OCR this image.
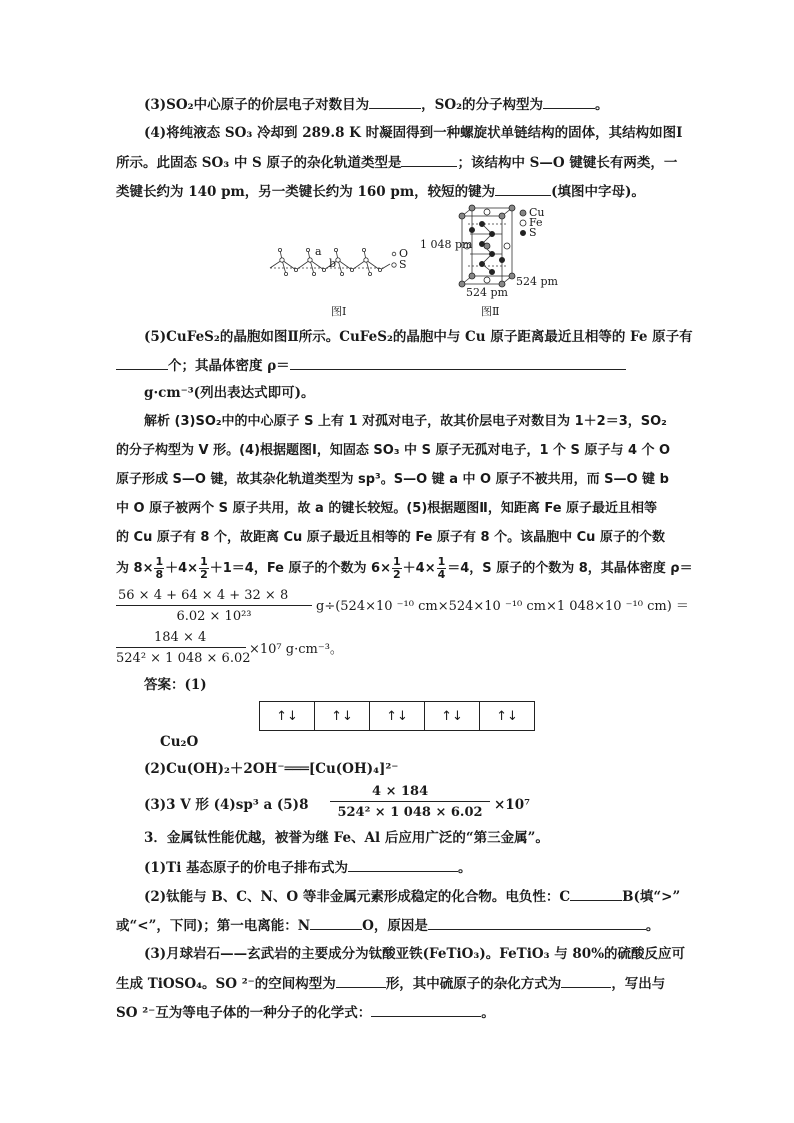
(3)SO₂中心原子的价层电子对数目为	，SO₂的分子构型为	。
(4)将纯液态 SO₃ 冷却到 289.8 K 时凝固得到一种螺旋状单链结构的固体，其结构如图Ⅰ
所示。此固态 SO₃ 中 S 原子的杂化轨道类型是	；该结构中 S—O 键键长有两类，一
类键长约为 140 pm，另一类键长约为 160 pm，较短的键为	(填图中字母)。
a
b
O
S
图Ⅰ
Cu
Fe
S
1 048 pm
524 pm
524 pm
图Ⅱ
(5)CuFeS₂的晶胞如图Ⅱ所示。CuFeS₂的晶胞中与 Cu 原子距离最近且相等的 Fe 原子有
个；其晶体密度 ρ＝
g·cm⁻³(列出表达式即可)。
解析 (3)SO₂中的中心原子 S 上有 1 对孤对电子，故其价层电子对数目为 1＋2＝3，SO₂
的分子构型为 V 形。(4)根据题图Ⅰ，知固态 SO₃ 中 S 原子无孤对电子，1 个 S 原子与 4 个 O
原子形成 S—O 键，故其杂化轨道类型为 sp³。S—O 键 a 中 O 原子不被共用，而 S—O 键 b
中 O 原子被两个 S 原子共用，故 a 的键长较短。(5)根据题图Ⅱ，知距离 Fe 原子最近且相等
的 Cu 原子有 8 个，故距离 Cu 原子最近且相等的 Fe 原子有 8 个。该晶胞中 Cu 原子的个数
为 $8\times \frac{1}{8} +4\times \frac{1}{2} +1=4$，Fe 原子的个数为 $6\times \frac{1}{2} +4\times \frac{1}{4} =4$，S 原子的个数为 8，其晶体密度 ρ＝
$\frac{56 \times 4 + 64 \times 4 + 32 \times 8}{\text{6.02 × 10²³}} g\div(524\times 10$ ⁻¹⁰ cm×524×10 ⁻¹⁰ cm×1 048×10 ⁻¹⁰ cm) ＝
$\frac{184 \times 4}{\text{524² × 1 048 × 6.02}} \times 10^7$ g·cm⁻³。
答案：(1)
↑↓	↑↓	↑↓	↑↓	↑↓
Cu₂O
(2)Cu(OH)₂＋2OH⁻═══[Cu(OH)₄]²⁻
(3)3 V 形 (4)sp³ a (5)8	$\frac{4 \times 184}{\text{524² × 1 048 × 6.02}} \times 10^7$
3．金属钛性能优越，被誉为继 Fe、Al 后应用广泛的“第三金属”。
(1)Ti 基态原子的价电子排布式为	。
(2)钛能与 B、C、N、O 等非金属元素形成稳定的化合物。电负性：C	B(填“>”
或“<”，下同)；第一电离能：N	O，原因是	。
(3)月球岩石——玄武岩的主要成分为钛酸亚铁(FeTiO₃)。FeTiO₃ 与 80%的硫酸反应可
生成 TiOSO₄。SO ²⁻的空间构型为	形，其中硫原子的杂化方式为	，写出与
SO ²⁻互为等电子体的一种分子的化学式：	。
